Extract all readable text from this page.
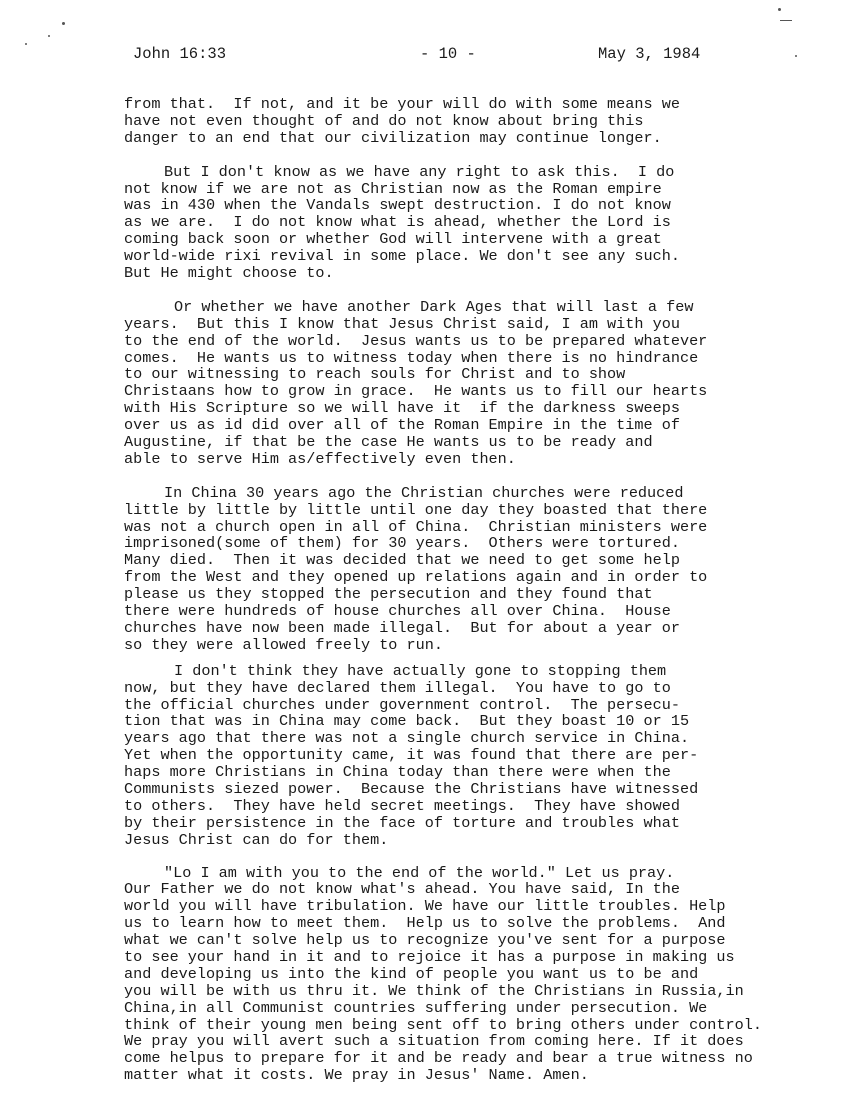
John 16:33	- 10 -	May 3, 1984
from that.  If not, and it be your will do with some means we
have not even thought of and do not know about bring this
danger to an end that our civilization may continue longer.
But I don't know as we have any right to ask this.  I do
not know if we are not as Christian now as the Roman empire
was in 430 when the Vandals swept destruction. I do not know
as we are.  I do not know what is ahead, whether the Lord is
coming back soon or whether God will intervene with a great
world-wide rixi revival in some place. We don't see any such.
But He might choose to.
Or whether we have another Dark Ages that will last a few
years.  But this I know that Jesus Christ said, I am with you
to the end of the world.  Jesus wants us to be prepared whatever
comes.  He wants us to witness today when there is no hindrance
to our witnessing to reach souls for Christ and to show
Christaans how to grow in grace.  He wants us to fill our hearts
with His Scripture so we will have it  if the darkness sweeps
over us as id did over all of the Roman Empire in the time of
Augustine, if that be the case He wants us to be ready and
able to serve Him as/effectively even then.
In China 30 years ago the Christian churches were reduced
little by little by little until one day they boasted that there
was not a church open in all of China.  Christian ministers were
imprisoned(some of them) for 30 years.  Others were tortured.
Many died.  Then it was decided that we need to get some help
from the West and they opened up relations again and in order to
please us they stopped the persecution and they found that
there were hundreds of house churches all over China.  House
churches have now been made illegal.  But for about a year or
so they were allowed freely to run.
I don't think they have actually gone to stopping them
now, but they have declared them illegal.  You have to go to
the official churches under government control.  The persecu-
tion that was in China may come back.  But they boast 10 or 15
years ago that there was not a single church service in China.
Yet when the opportunity came, it was found that there are per-
haps more Christians in China today than there were when the
Communists siezed power.  Because the Christians have witnessed
to others.  They have held secret meetings.  They have showed
by their persistence in the face of torture and troubles what
Jesus Christ can do for them.
"Lo I am with you to the end of the world." Let us pray.
Our Father we do not know what's ahead. You have said, In the
world you will have tribulation. We have our little troubles. Help
us to learn how to meet them.  Help us to solve the problems.  And
what we can't solve help us to recognize you've sent for a purpose
to see your hand in it and to rejoice it has a purpose in making us
and developing us into the kind of people you want us to be and
you will be with us thru it. We think of the Christians in Russia,in
China,in all Communist countries suffering under persecution. We
think of their young men being sent off to bring others under control.
We pray you will avert such a situation from coming here. If it does
come helpus to prepare for it and be ready and bear a true witness no
matter what it costs. We pray in Jesus' Name. Amen.
